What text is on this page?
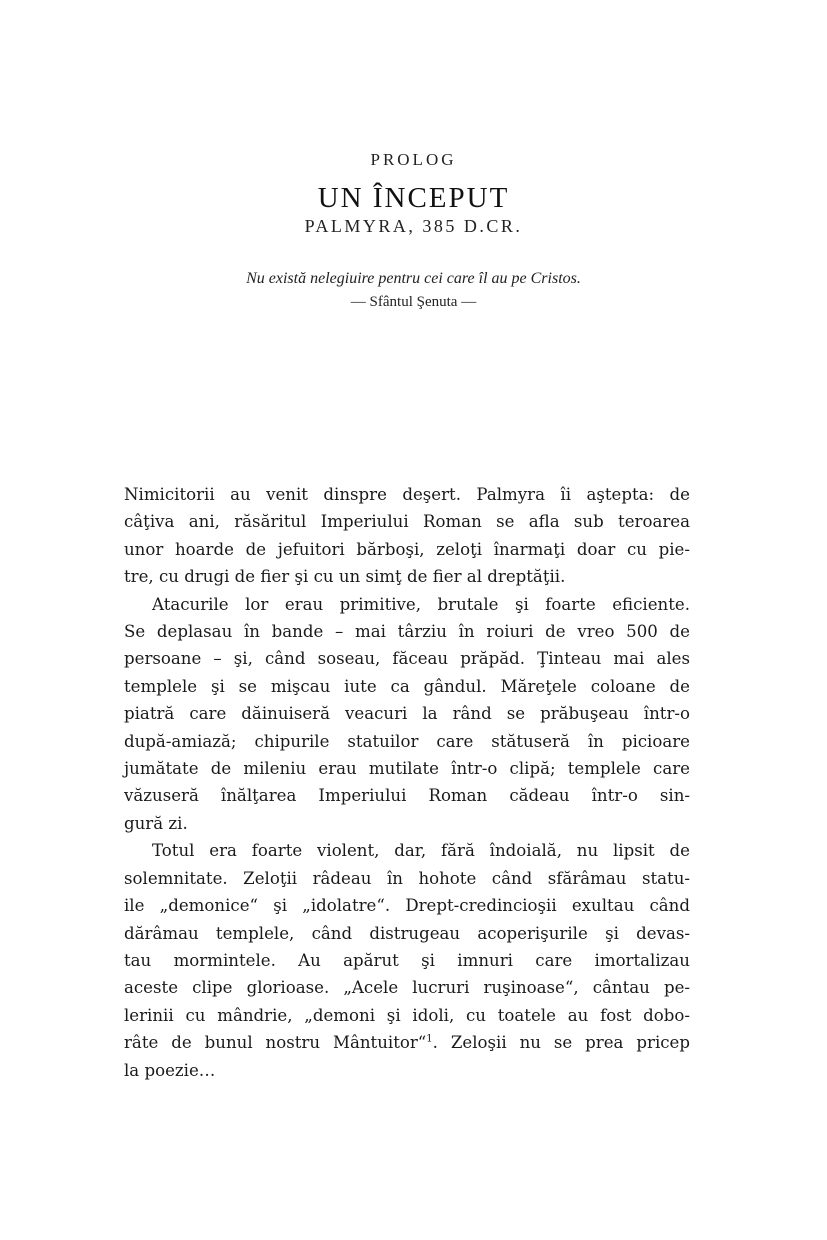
PROLOG
UN ÎNCEPUT
PALMYRA, 385 D.CR.
Nu există nelegiuire pentru cei care îl au pe Cristos.
— Sfântul Şenuta —
Nimicitorii au venit dinspre deşert. Palmyra îi aştepta: de
câţiva ani, răsăritul Imperiului Roman se afla sub teroarea
unor hoarde de jefuitori bărboşi, zeloţi înarmaţi doar cu pie-
tre, cu drugi de fier şi cu un simţ de fier al dreptăţii.
Atacurile lor erau primitive, brutale şi foarte eficiente.
Se deplasau în bande – mai târziu în roiuri de vreo 500 de
persoane – şi, când soseau, făceau prăpăd. Ţinteau mai ales
templele şi se mişcau iute ca gândul. Măreţele coloane de
piatră care dăinuiseră veacuri la rând se prăbuşeau într-o
după-amiază; chipurile statuilor care stătuseră în picioare
jumătate de mileniu erau mutilate într-o clipă; templele care
văzuseră înălţarea Imperiului Roman cădeau într-o sin-
gură zi.
Totul era foarte violent, dar, fără îndoială, nu lipsit de
solemnitate. Zeloţii râdeau în hohote când sfărâmau statu-
ile „demonice“ şi „idolatre“. Drept-credincioşii exultau când
dărâmau templele, când distrugeau acoperişurile şi devas-
tau mormintele. Au apărut şi imnuri care imortalizau
aceste clipe glorioase. „Acele lucruri ruşinoase“, cântau pe-
lerinii cu mândrie, „demoni şi idoli, cu toatele au fost dobo-
râte de bunul nostru Mântuitor“$^1$. Zeloşii nu se prea pricep
la poezie…
